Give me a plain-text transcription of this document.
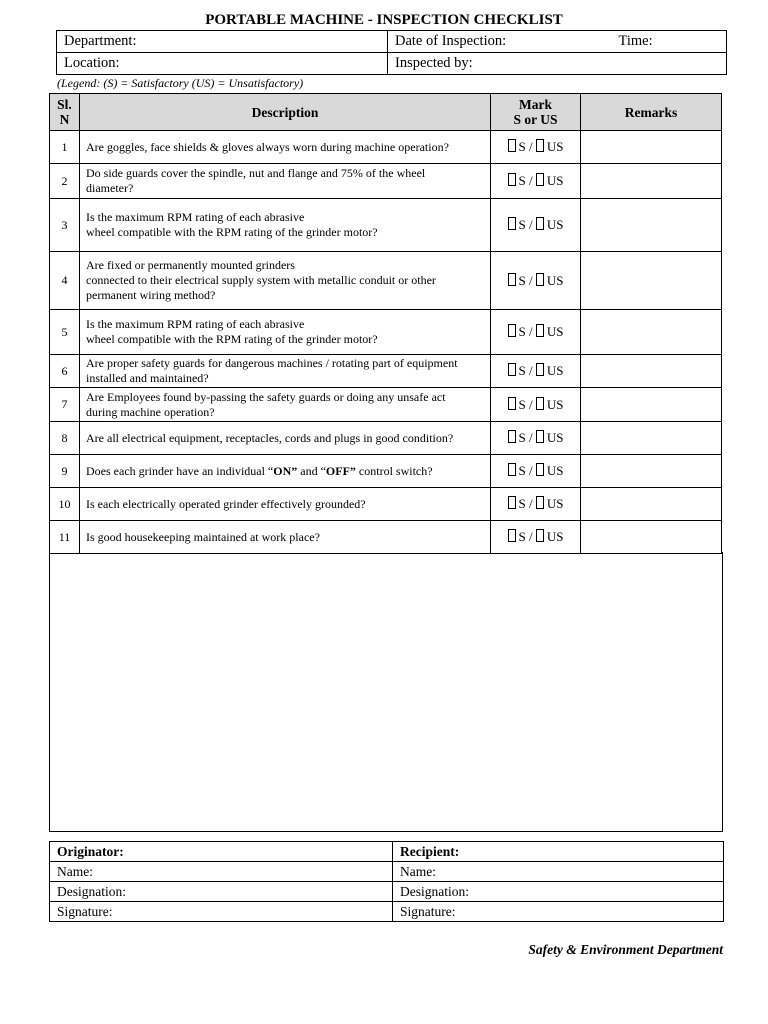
PORTABLE MACHINE - INSPECTION CHECKLIST
Department:	Date of Inspection: Time:

Location:	Inspected by:
(Legend: (S) = Satisfactory (US) = Unsatisfactory)
Sl.
N	Description	Mark
S or US	Remarks
1	Are goggles, face shields & gloves always worn during machine operation?	S / US	
2	Do side guards cover the spindle, nut and flange and 75% of the wheel
diameter?	S / US	
3	Is the maximum RPM rating of each abrasive
wheel compatible with the RPM rating of the grinder motor?	S / US	
4	Are fixed or permanently mounted grinders
connected to their electrical supply system with metallic conduit or other
permanent wiring method?	S / US	
5	Is the maximum RPM rating of each abrasive
wheel compatible with the RPM rating of the grinder motor?	S / US	
6	Are proper safety guards for dangerous machines / rotating part of equipment
installed and maintained?	S / US	
7	Are Employees found by-passing the safety guards or doing any unsafe act
during machine operation?	S / US	
8	Are all electrical equipment, receptacles, cords and plugs in good condition?	S / US	
9	Does each grinder have an individual “ON” and “OFF” control switch?	S / US	
10	Is each electrically operated grinder effectively grounded?	S / US	
11	Is good housekeeping maintained at work place?	S / US	
Originator:	Recipient:
Name:	Name:
Designation:	Designation:
Signature:	Signature:
Safety & Environment Department
